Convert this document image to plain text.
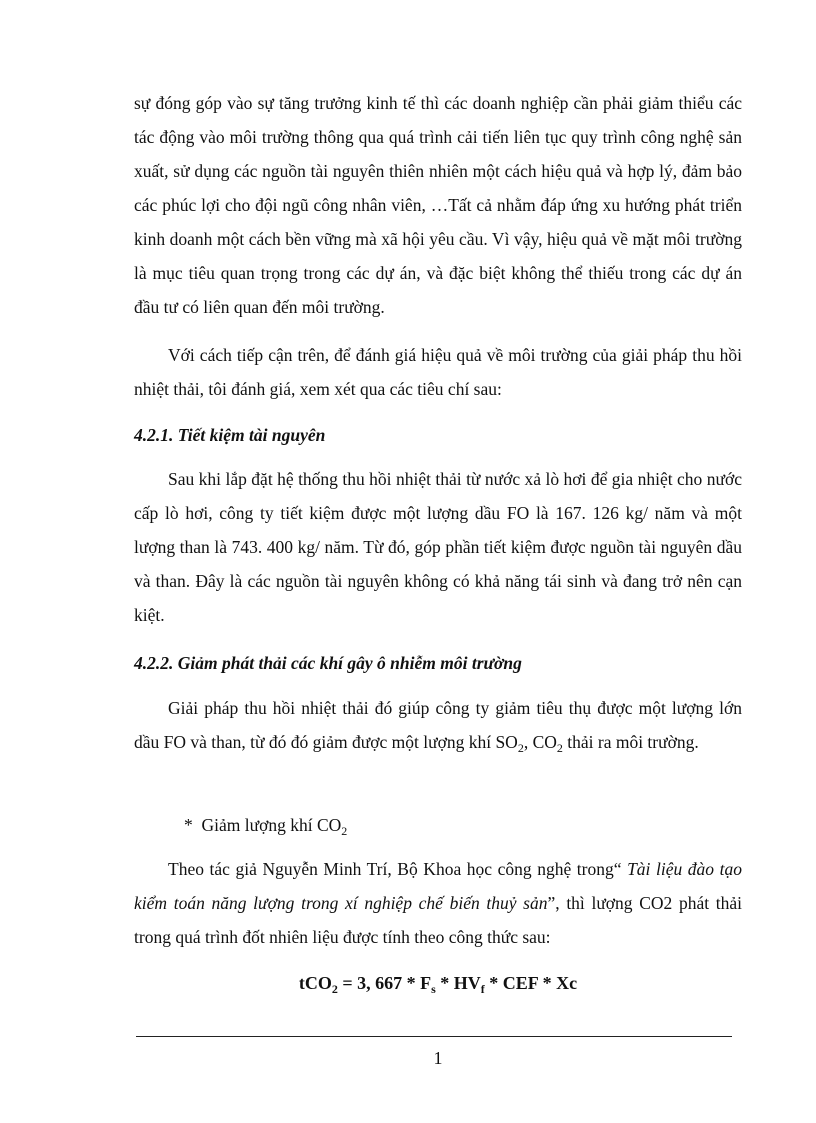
sự đóng góp vào sự tăng trưởng kinh tế thì các doanh nghiệp cần phải giảm thiểu các tác động vào môi trường thông qua quá trình cải tiến liên tục quy trình công nghệ sản xuất, sử dụng các nguồn tài nguyên thiên nhiên một cách hiệu quả và hợp lý, đảm bảo các phúc lợi cho đội ngũ công nhân viên, …Tất cả nhằm đáp ứng xu hướng phát triển kinh doanh một cách bền vững mà xã hội yêu cầu. Vì vậy, hiệu quả về mặt môi trường là mục tiêu quan trọng trong các dự án, và đặc biệt không thể thiếu trong các dự án đầu tư có liên quan đến môi trường.

Với cách tiếp cận trên, để đánh giá hiệu quả về môi trường của giải pháp thu hồi nhiệt thải, tôi đánh giá, xem xét qua các tiêu chí sau:

4.2.1. Tiết kiệm tài nguyên

Sau khi lắp đặt hệ thống thu hồi nhiệt thải từ nước xả lò hơi để gia nhiệt cho nước cấp lò hơi, công ty tiết kiệm được một lượng dầu FO là 167. 126 kg/ năm và một lượng than là 743. 400 kg/ năm. Từ đó, góp phần tiết kiệm được nguồn tài nguyên dầu và than. Đây là các nguồn tài nguyên không có khả năng tái sinh và đang trở nên cạn kiệt.

4.2.2. Giảm phát thải các khí gây ô nhiễm môi trường

Giải pháp thu hồi nhiệt thải đó giúp công ty giảm tiêu thụ được một lượng lớn dầu FO và than, từ đó đó giảm được một lượng khí $SO_2$, $CO_2$ thải ra môi trường.

* Giảm lượng khí $CO_2$

Theo tác giả Nguyễn Minh Trí, Bộ Khoa học công nghệ trong“ Tài liệu đào tạo kiểm toán năng lượng trong xí nghiệp chế biến thuỷ sản”, thì lượng CO2 phát thải trong quá trình đốt nhiên liệu được tính theo công thức sau:

tCO$_2$ = 3, $667 * F_s * HV_f$ * CEF * Xc
1
